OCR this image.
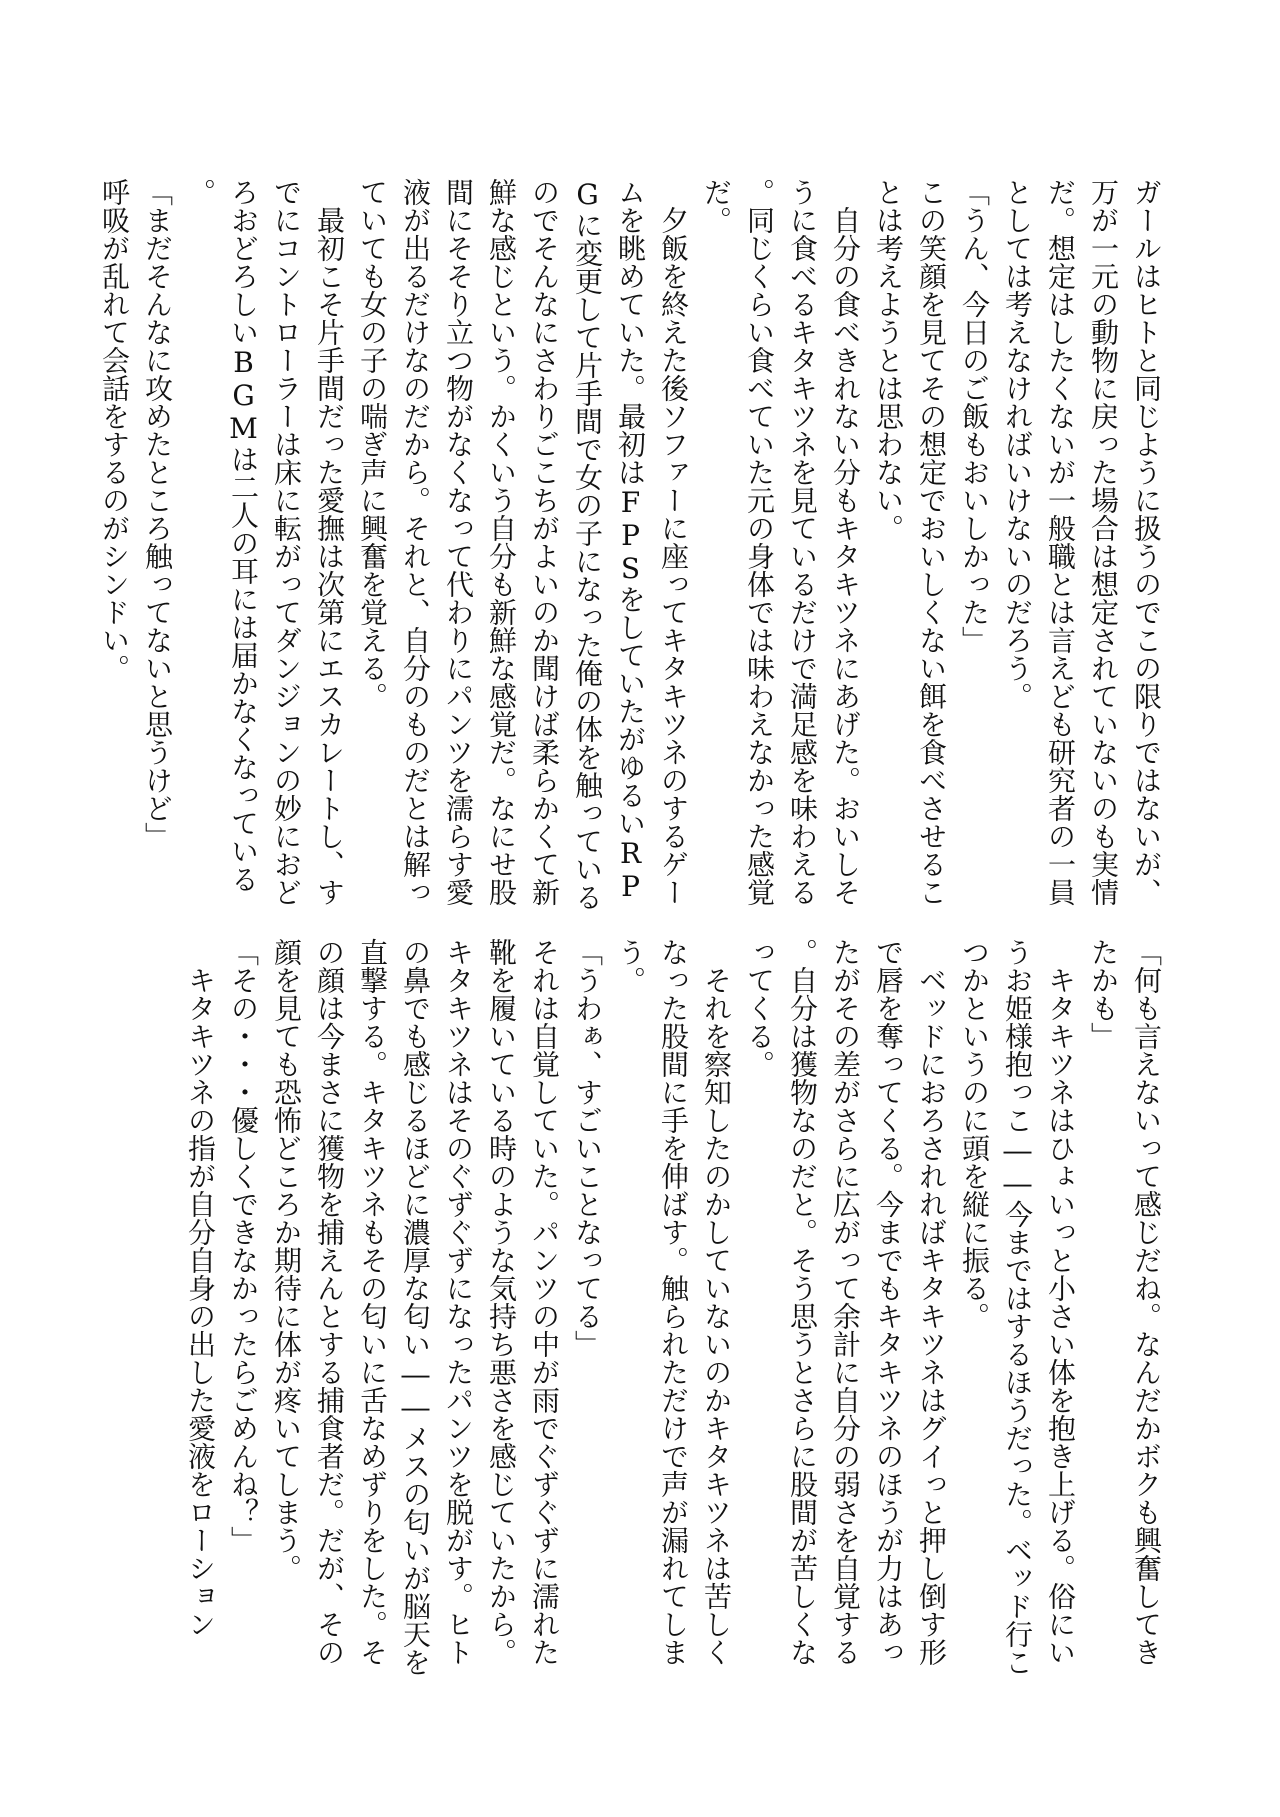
ガールはヒトと同じように扱うのでこの限りではないが、万が一元の動物に戻った場合は想定されていないのも実情だ。想定はしたくないが一般職とは言えども研究者の一員としては考えなければいけないのだろう。

「うん、今日のご飯もおいしかった」

この笑顔を見てその想定でおいしくない餌を食べさせることは考えようとは思わない。

　自分の食べきれない分もキタキツネにあげた。おいしそうに食べるキタキツネを見ているだけで満足感を味わえる。同じくらい食べていた元の身体では味わえなかった感覚だ。

　夕飯を終えた後ソファーに座ってキタキツネのするゲームを眺めていた。最初はFPSをしていたがゆるいRPGに変更して片手間で女の子になった俺の体を触っているのでそんなにさわりごこちがよいのか聞けば柔らかくて新鮮な感じという。かくいう自分も新鮮な感覚だ。なにせ股間にそそり立つ物がなくなって代わりにパンツを濡らす愛液が出るだけなのだから。それと、自分のものだとは解っていても女の子の喘ぎ声に興奮を覚える。

　最初こそ片手間だった愛撫は次第にエスカレートし、すでにコントローラーは床に転がってダンジョンの妙におどろおどろしいBGMは二人の耳には届かなくなっている。

「まだそんなに攻めたところ触ってないと思うけど」

呼吸が乱れて会話をするのがシンドい。

「何も言えないって感じだね。なんだかボクも興奮してきたかも」

　キタキツネはひょいっと小さい体を抱き上げる。俗にいうお姫様抱っこ――今まではするほうだった。ベッド行こつかというのに頭を縦に振る。

　ベッドにおろされればキタキツネはグイっと押し倒す形で唇を奪ってくる。今までもキタキツネのほうが力はあったがその差がさらに広がって余計に自分の弱さを自覚する。自分は獲物なのだと。そう思うとさらに股間が苦しくなってくる。

　それを察知したのかしていないのかキタキツネは苦しくなった股間に手を伸ばす。触られただけで声が漏れてしまう。

「うわぁ、すごいことなってる」

それは自覚していた。パンツの中が雨でぐずぐずに濡れた靴を履いている時のような気持ち悪さを感じていたから。キタキツネはそのぐずぐずになったパンツを脱がす。ヒトの鼻でも感じるほどに濃厚な匂い――メスの匂いが脳天を直撃する。キタキツネもその匂いに舌なめずりをした。その顔は今まさに獲物を捕えんとする捕食者だ。だが、その顔を見ても恐怖どころか期待に体が疼いてしまう。

「その・・・優しくできなかったらごめんね？」

　キタキツネの指が自分自身の出した愛液をローション
